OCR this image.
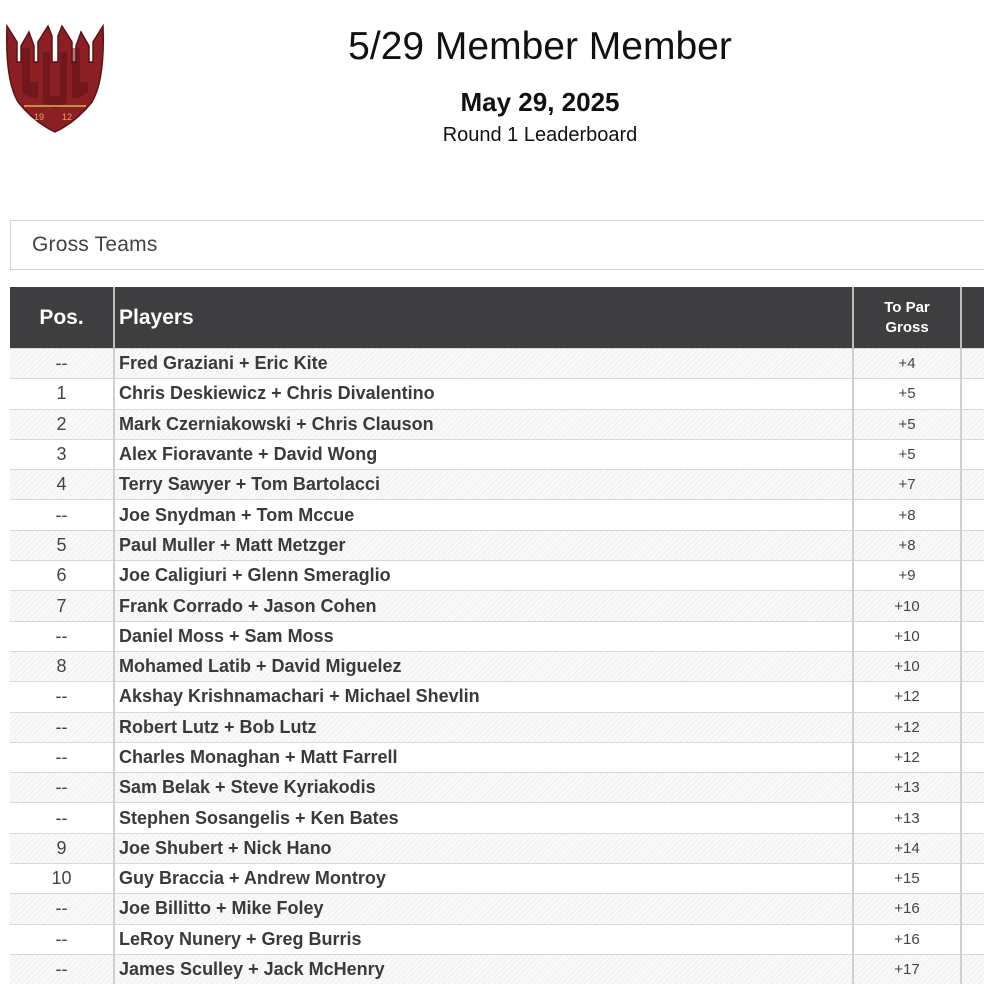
19 12
5/29 Member Member
May 29, 2025
Round 1 Leaderboard
Gross Teams
Pos.	Players	To Par
Gross	
--	Fred Graziani + Eric Kite	+4	
1	Chris Deskiewicz + Chris Divalentino	+5	
2	Mark Czerniakowski + Chris Clauson	+5	
3	Alex Fioravante + David Wong	+5	
4	Terry Sawyer + Tom Bartolacci	+7	
--	Joe Snydman + Tom Mccue	+8	
5	Paul Muller + Matt Metzger	+8	
6	Joe Caligiuri + Glenn Smeraglio	+9	
7	Frank Corrado + Jason Cohen	+10	
--	Daniel Moss + Sam Moss	+10	
8	Mohamed Latib + David Miguelez	+10	
--	Akshay Krishnamachari + Michael Shevlin	+12	
--	Robert Lutz + Bob Lutz	+12	
--	Charles Monaghan + Matt Farrell	+12	
--	Sam Belak + Steve Kyriakodis	+13	
--	Stephen Sosangelis + Ken Bates	+13	
9	Joe Shubert + Nick Hano	+14	
10	Guy Braccia + Andrew Montroy	+15	
--	Joe Billitto + Mike Foley	+16	
--	LeRoy Nunery + Greg Burris	+16	
--	James Sculley + Jack McHenry	+17	
